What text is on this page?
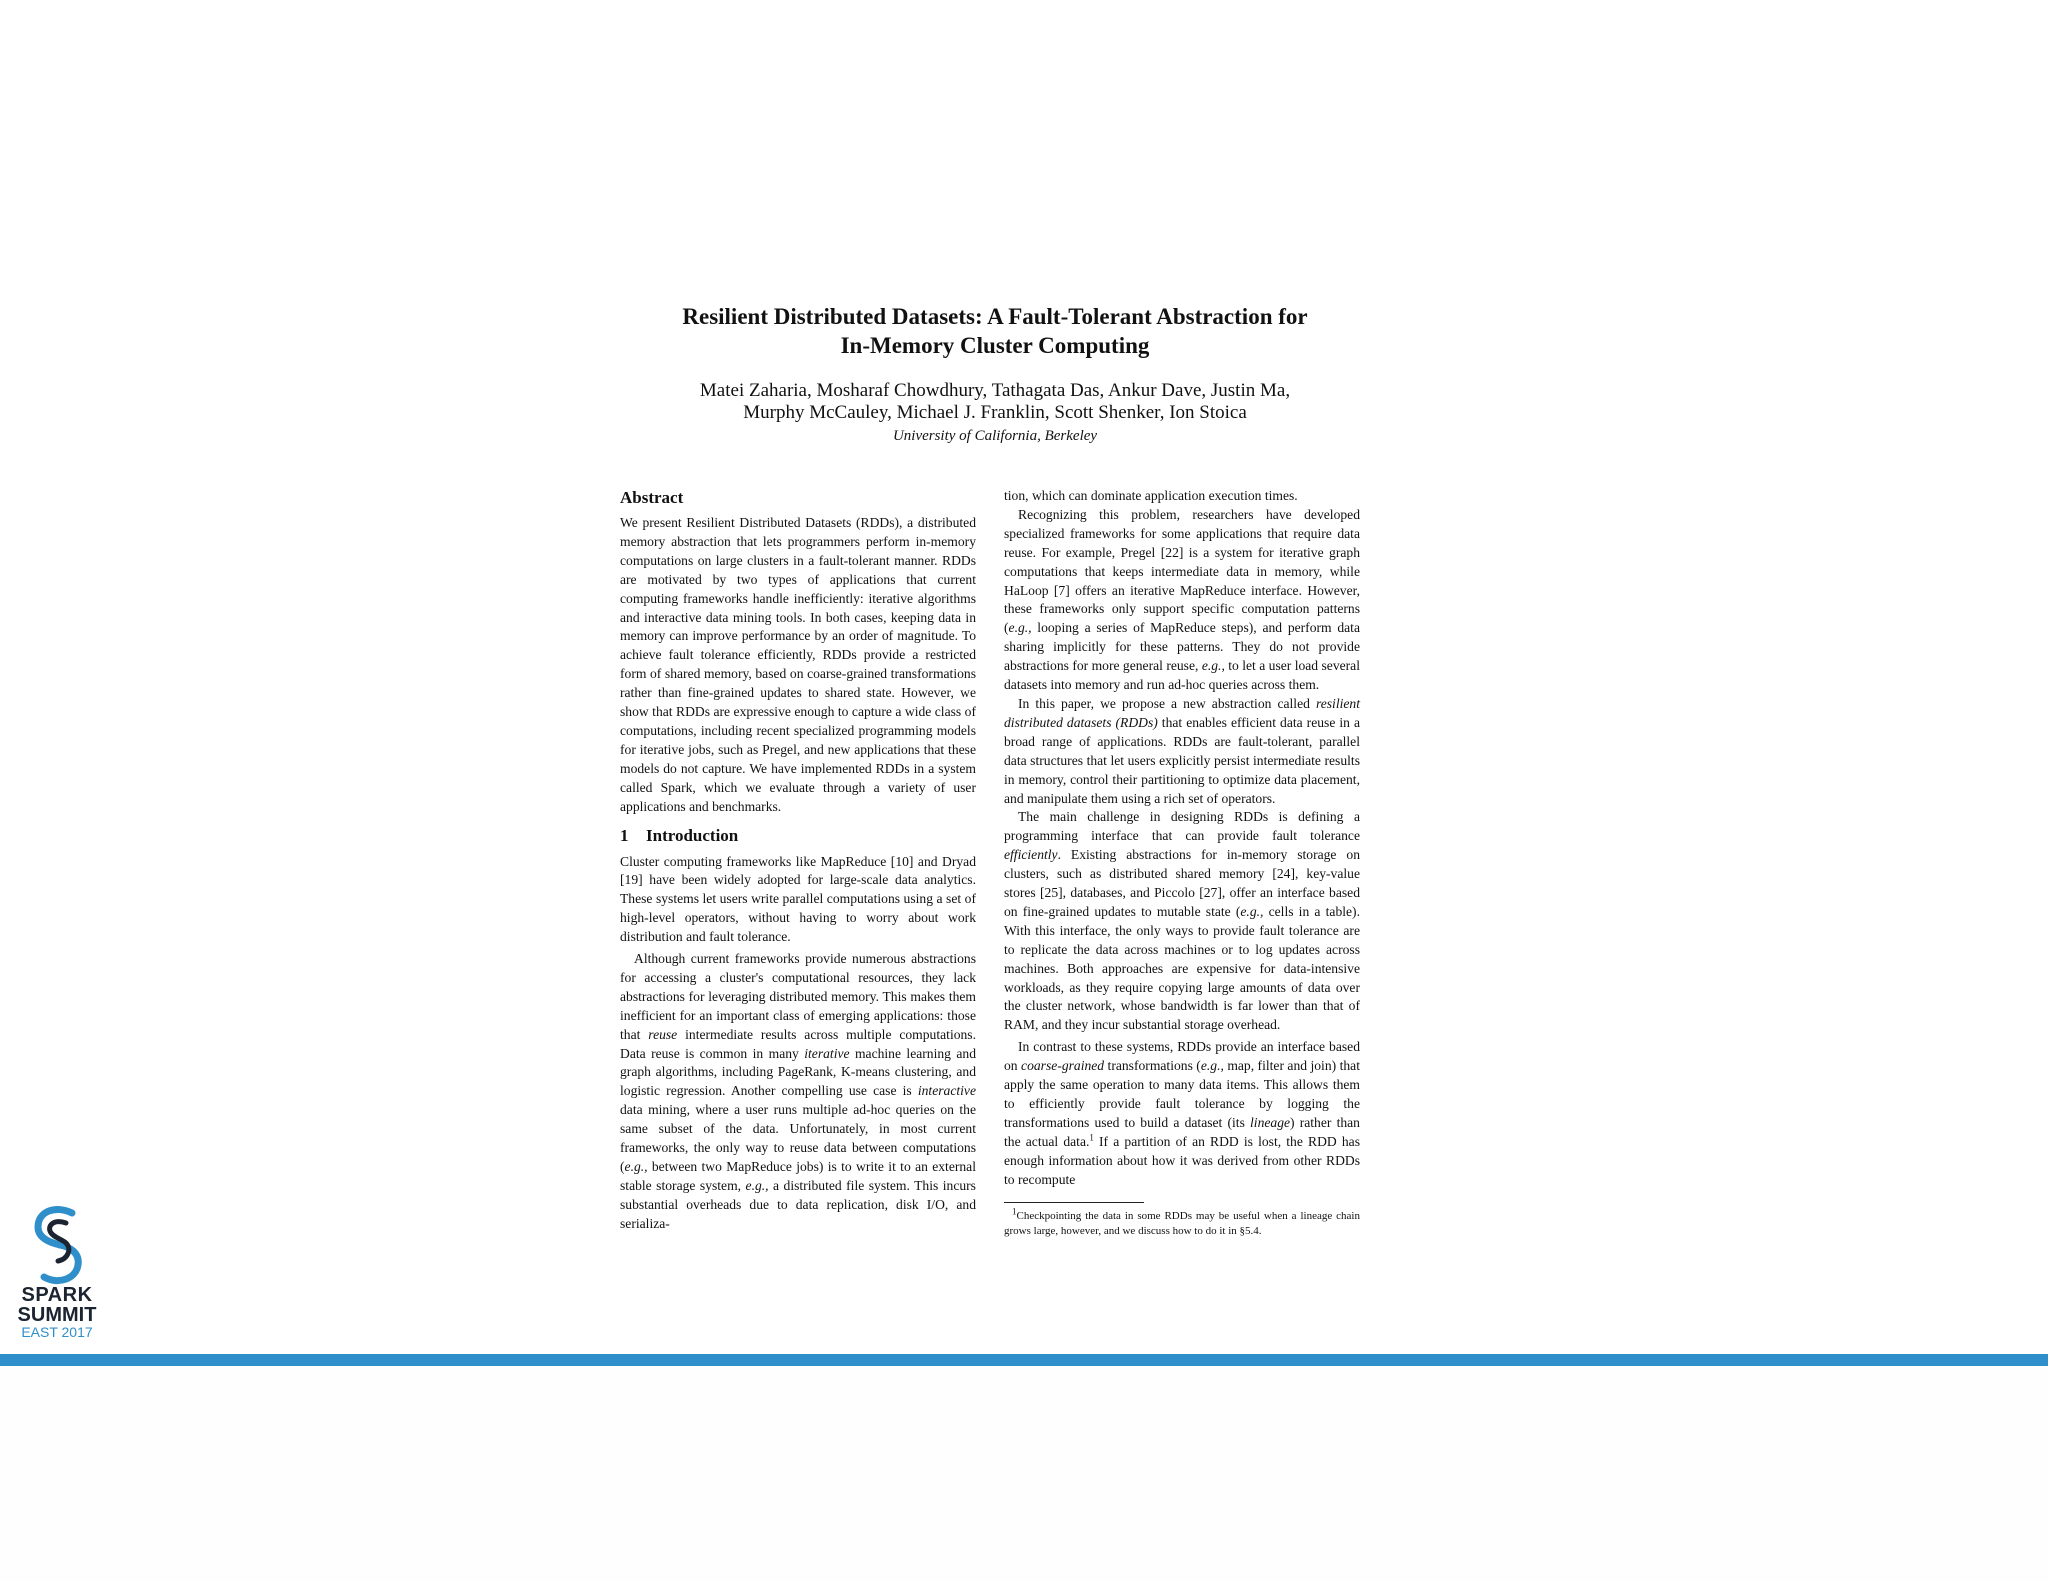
Resilient Distributed Datasets: A Fault-Tolerant Abstraction for
In-Memory Cluster Computing
Matei Zaharia, Mosharaf Chowdhury, Tathagata Das, Ankur Dave, Justin Ma,
Murphy McCauley, Michael J. Franklin, Scott Shenker, Ion Stoica
University of California, Berkeley
Abstract

We present Resilient Distributed Datasets (RDDs), a distributed memory abstraction that lets programmers perform in-memory computations on large clusters in a fault-tolerant manner. RDDs are motivated by two types of applications that current computing frameworks handle inefficiently: iterative algorithms and interactive data mining tools. In both cases, keeping data in memory can improve performance by an order of magnitude. To achieve fault tolerance efficiently, RDDs provide a restricted form of shared memory, based on coarse-grained transformations rather than fine-grained updates to shared state. However, we show that RDDs are expressive enough to capture a wide class of computations, including recent specialized programming models for iterative jobs, such as Pregel, and new applications that these models do not capture. We have implemented RDDs in a system called Spark, which we evaluate through a variety of user applications and benchmarks.

1 Introduction

Cluster computing frameworks like MapReduce [10] and Dryad [19] have been widely adopted for large-scale data analytics. These systems let users write parallel computations using a set of high-level operators, without having to worry about work distribution and fault tolerance.

Although current frameworks provide numerous abstractions for accessing a cluster's computational resources, they lack abstractions for leveraging distributed memory. This makes them inefficient for an important class of emerging applications: those that reuse intermediate results across multiple computations. Data reuse is common in many iterative machine learning and graph algorithms, including PageRank, K-means clustering, and logistic regression. Another compelling use case is interactive data mining, where a user runs multiple ad-hoc queries on the same subset of the data. Unfortunately, in most current frameworks, the only way to reuse data between computations (e.g., between two MapReduce jobs) is to write it to an external stable storage system, e.g., a distributed file system. This incurs substantial overheads due to data replication, disk I/O, and serializa-

tion, which can dominate application execution times.

Recognizing this problem, researchers have developed specialized frameworks for some applications that require data reuse. For example, Pregel [22] is a system for iterative graph computations that keeps intermediate data in memory, while HaLoop [7] offers an iterative MapReduce interface. However, these frameworks only support specific computation patterns (e.g., looping a series of MapReduce steps), and perform data sharing implicitly for these patterns. They do not provide abstractions for more general reuse, e.g., to let a user load several datasets into memory and run ad-hoc queries across them.

In this paper, we propose a new abstraction called resilient distributed datasets (RDDs) that enables efficient data reuse in a broad range of applications. RDDs are fault-tolerant, parallel data structures that let users explicitly persist intermediate results in memory, control their partitioning to optimize data placement, and manipulate them using a rich set of operators.

The main challenge in designing RDDs is defining a programming interface that can provide fault tolerance efficiently. Existing abstractions for in-memory storage on clusters, such as distributed shared memory [24], key-value stores [25], databases, and Piccolo [27], offer an interface based on fine-grained updates to mutable state (e.g., cells in a table). With this interface, the only ways to provide fault tolerance are to replicate the data across machines or to log updates across machines. Both approaches are expensive for data-intensive workloads, as they require copying large amounts of data over the cluster network, whose bandwidth is far lower than that of RAM, and they incur substantial storage overhead.

In contrast to these systems, RDDs provide an interface based on coarse-grained transformations (e.g., map, filter and join) that apply the same operation to many data items. This allows them to efficiently provide fault tolerance by logging the transformations used to build a dataset (its lineage) rather than the actual data.$^1$ If a partition of an RDD is lost, the RDD has enough information about how it was derived from other RDDs to recompute

$^1$Checkpointing the data in some RDDs may be useful when a lineage chain grows large, however, and we discuss how to do it in §5.4.

SPARK
SUMMIT
EAST 2017
